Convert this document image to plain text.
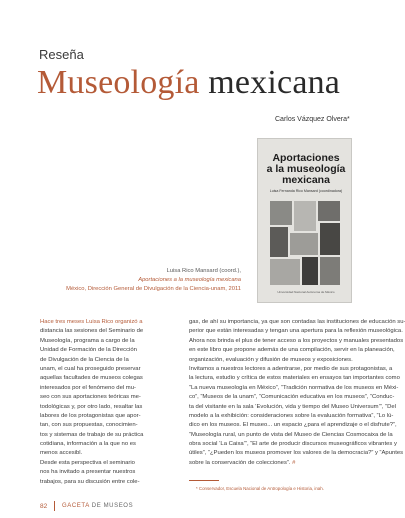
Reseña
Museología mexicana
Carlos Vázquez Olvera*
Aportaciones
a la museología
mexicana
Luisa Fernanda Rico Mansard (coordinadora)
Universidad Nacional Autónoma de México
Luisa Rico Mansard (coord.),
Aportaciones a la museología mexicana
México, Dirección General de Divulgación de la Ciencia-unam, 2011
Hace tres meses Luisa Rico organizó a
distancia las sesiones del Seminario de
Museología, programa a cargo de la
Unidad de Formación de la Dirección
de Divulgación de la Ciencia de la
unam, el cual ha proseguido preservar
aquellas facultades de museos colegas
interesados por el fenómeno del mu-
seo con sus aportaciones teóricas me-
todológicas y, por otro lado, resaltar las
labores de los protagonistas que apor-
tan, con sus propuestas, conocimien-
tos y sistemas de trabajo de su práctica
cotidiana, información a la que no es
menos accesibl.
Desde esta perspectiva el seminario
nos ha invitado a presentar nuestros
trabajos, para su discusión entre cole-
gas, de ahí su importancia, ya que son contadas las instituciones de educación su-
perior que están interesadas y tengan una apertura para la reflexión museológica.
Ahora nos brinda el plus de tener acceso a los proyectos y manuales presentados
en este libro que propone además de una compilación, servir en la planeación,
organización, evaluación y difusión de museos y exposiciones.
Invitamos a nuestros lectores a adentrarse, por medio de sus protagonistas, a
la lectura, estudio y crítica de estos materiales en ensayos tan importantes como
“La nueva museología en México”, “Tradición normativa de los museos en Méxi-
co”, “Museos de la unam”, “Comunicación educativa en los museos”, “Conduc-
ta del visitante en la sala ‘Evolución, vida y tiempo del Museo Universum’”, “Del
modelo a la exhibición: consideraciones sobre la evaluación formativa”, “Lo lú-
dico en los museos. El museo... un espacio ¿para el aprendizaje o el disfrute?”,
“Museología rural, un punto de vista del Museo de Ciencias Cosmocaixa de la
obra social ‘La Caixa’”, “El arte de producir discursos museográficos vibrantes y
útiles”, “¿Pueden los museos promover los valores de la democracia?” y “Apuntes
sobre la conservación de colecciones”. #
* Conservador, Escuela Nacional de Antropología e Historia, inah.
82 GACETA DE MUSEOS
